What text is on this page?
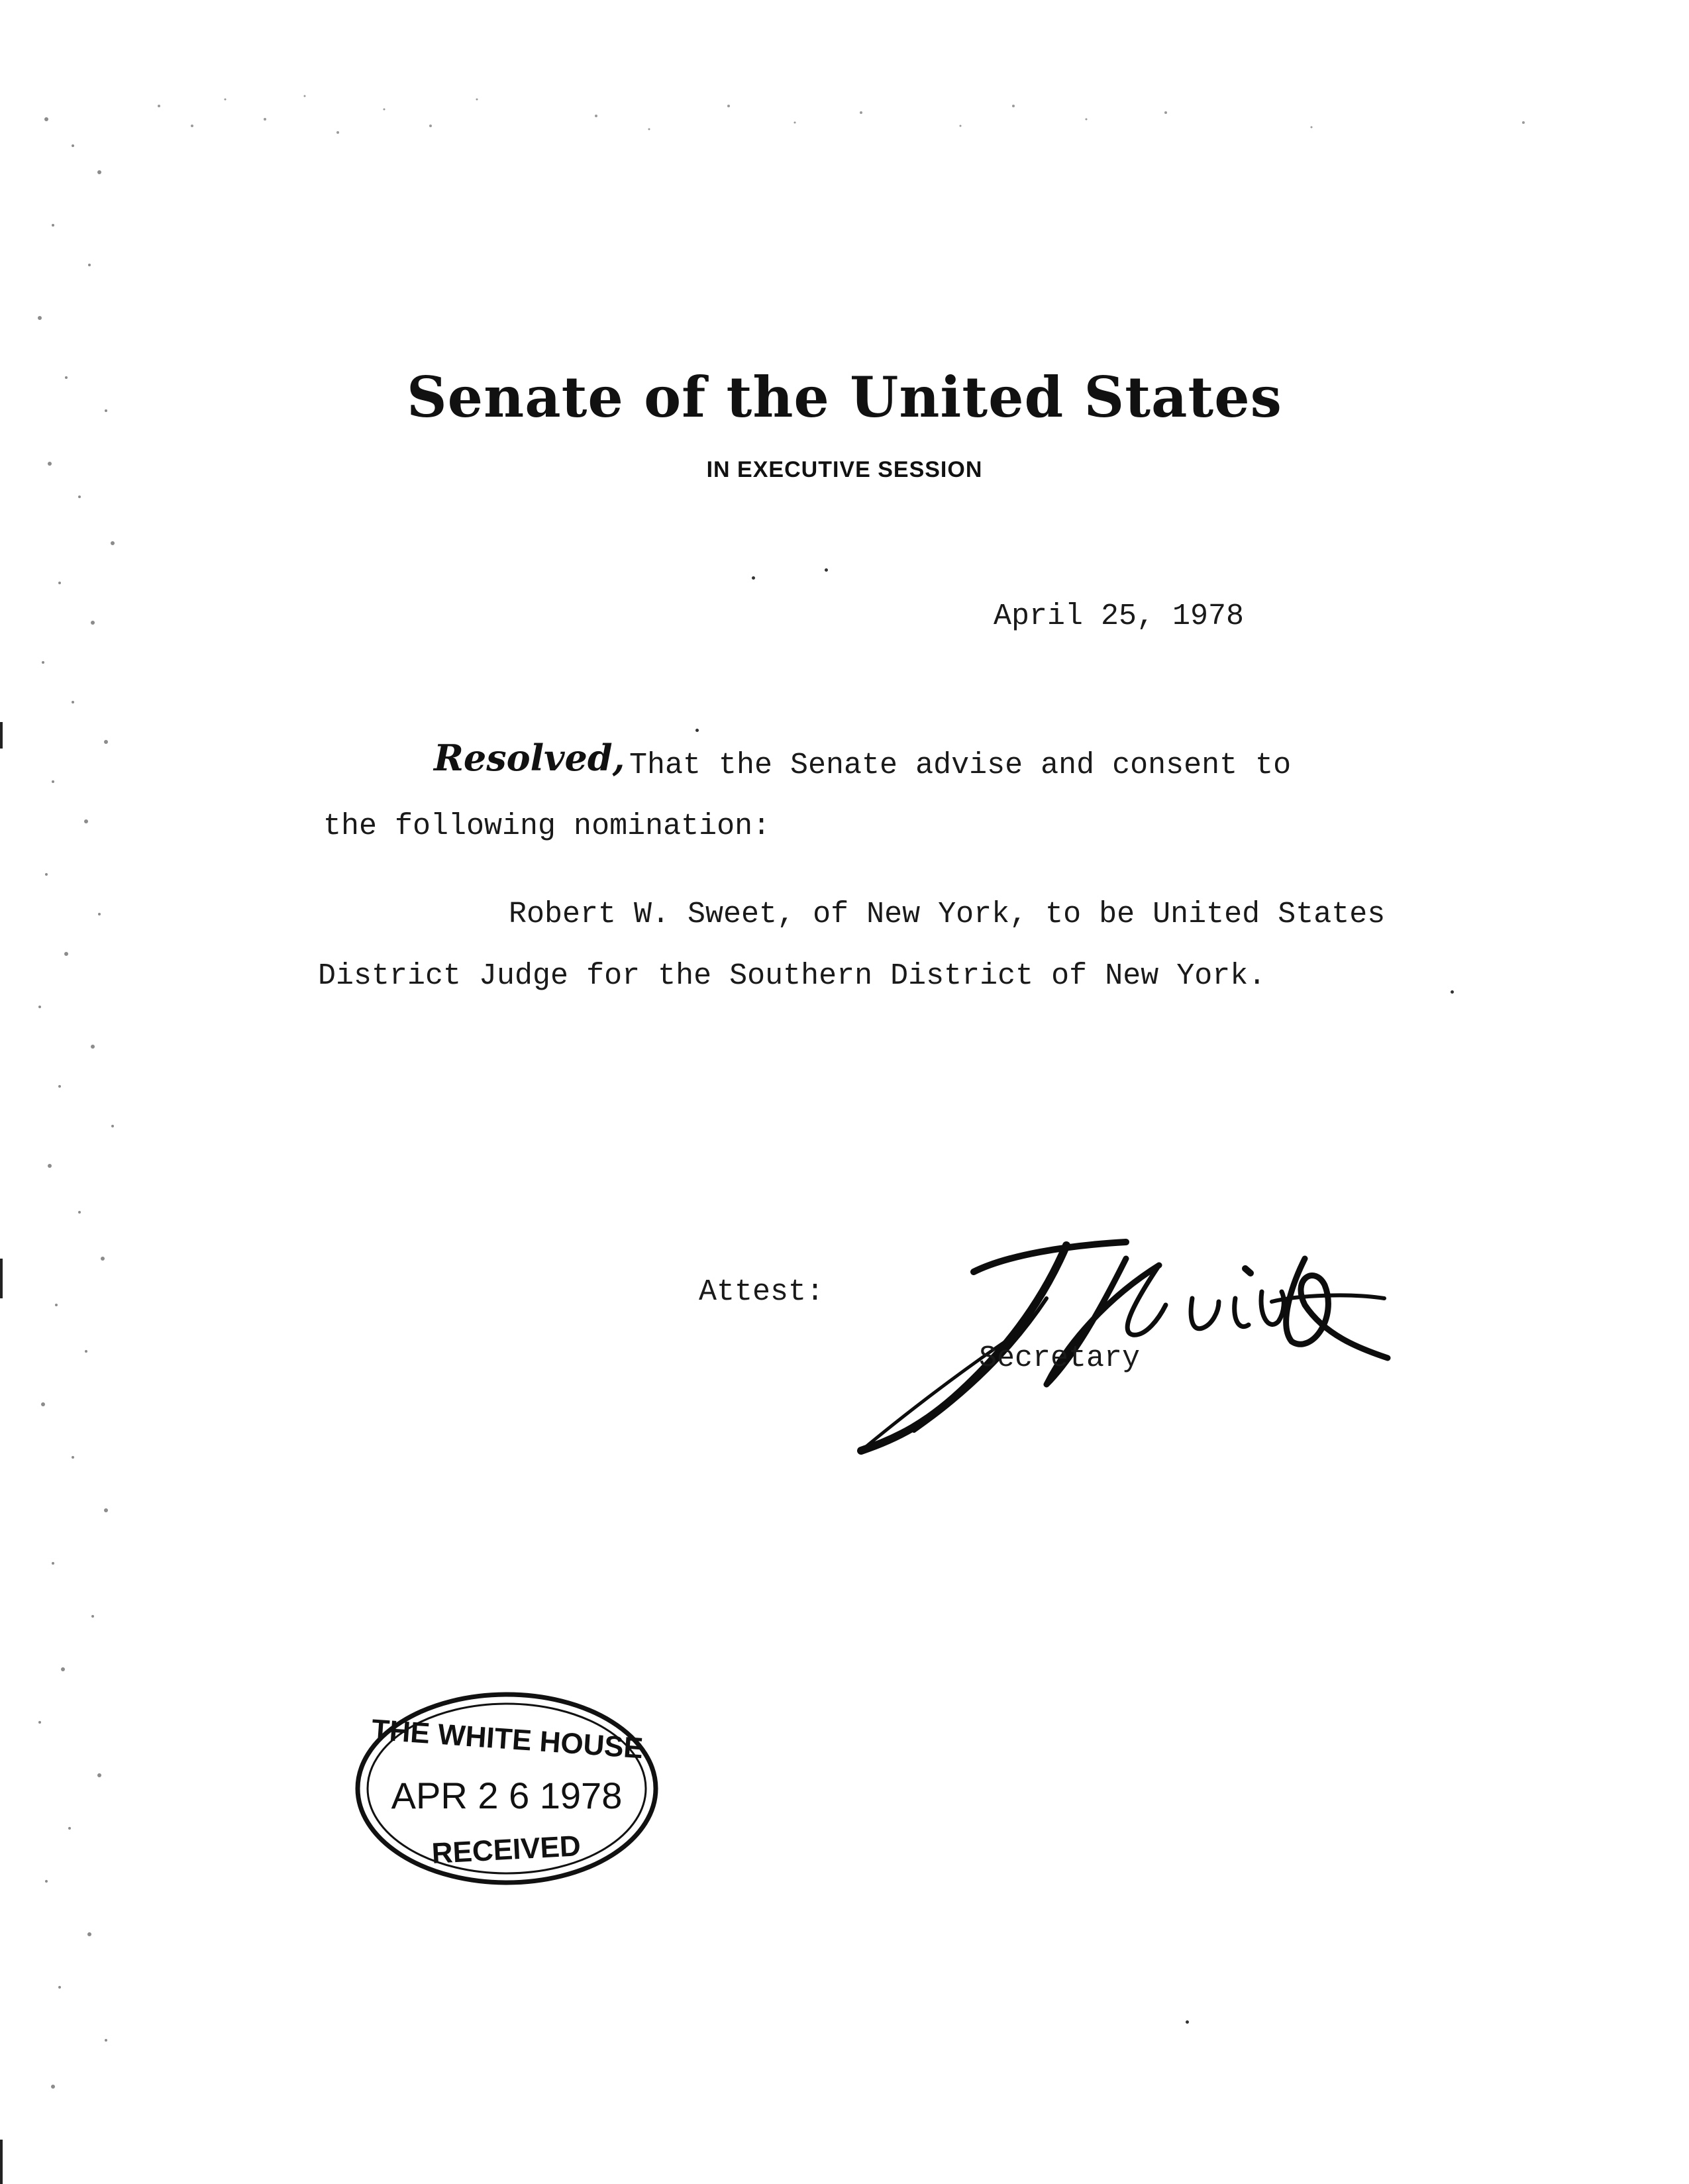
Senate of the United States
IN EXECUTIVE SESSION
April 25, 1978
Resolved, That the Senate advise and consent to
the following nomination:
Robert W. Sweet, of New York, to be United States
District Judge for the Southern District of New York.
Attest:
Secretary
THE WHITE HOUSE
APR 2 6 1978
RECEIVED
